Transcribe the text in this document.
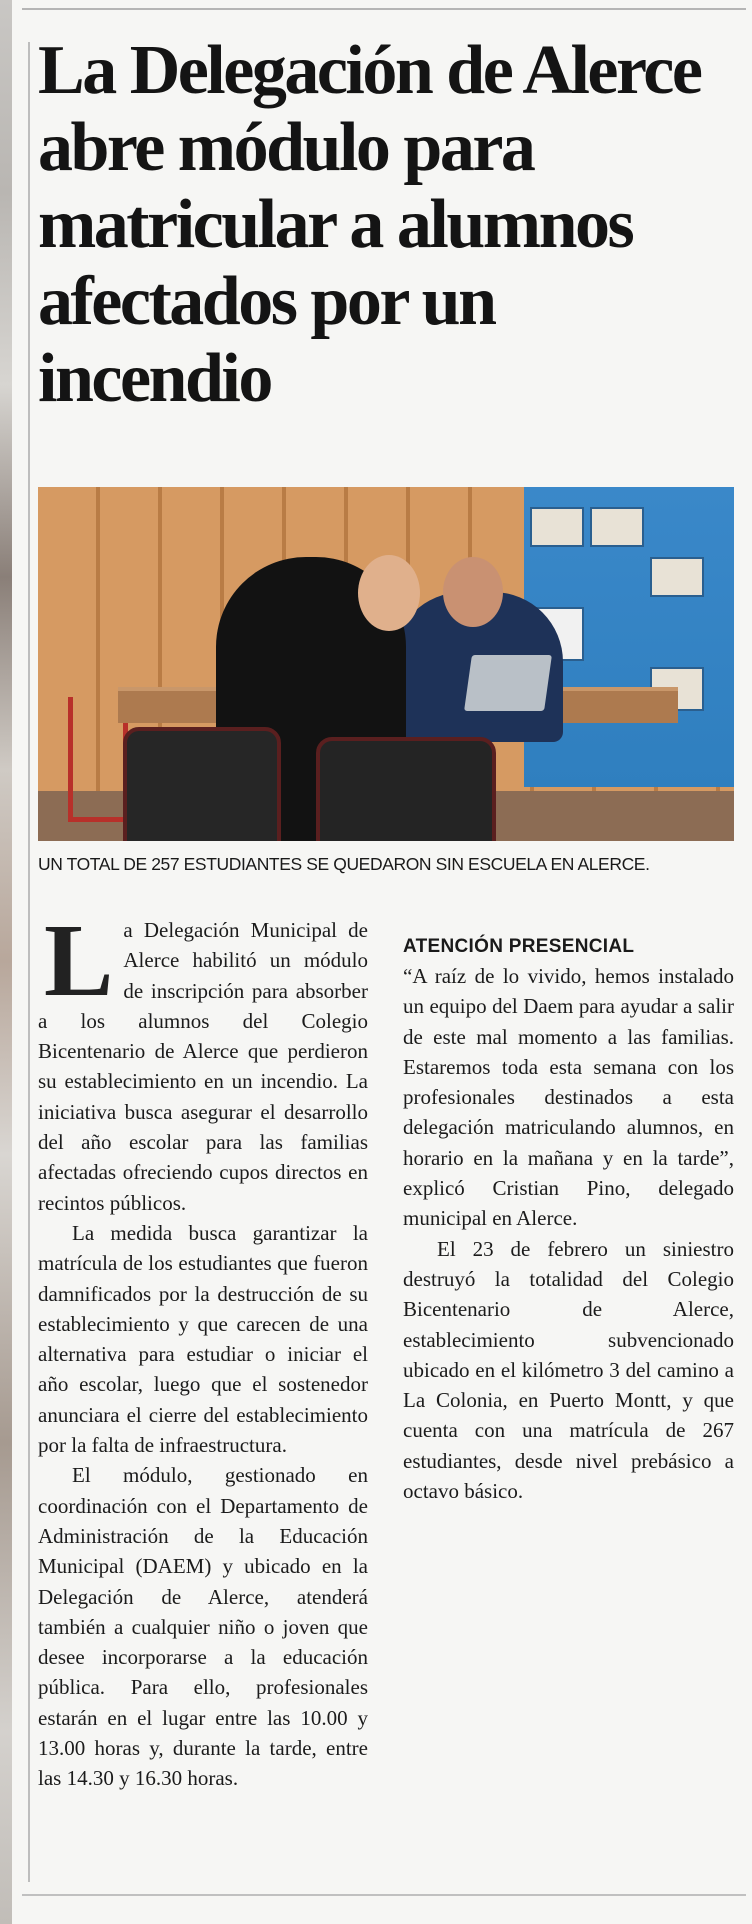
La Delegación de Alerce abre módulo para matricular a alumnos afectados por un incendio

UN TOTAL DE 257 ESTUDIANTES SE QUEDARON SIN ESCUELA EN ALERCE.

La Delegación Municipal de Alerce habilitó un módulo de inscripción para absorber a los alumnos del Colegio Bicentenario de Alerce que perdieron su establecimiento en un incendio. La iniciativa busca asegurar el desarrollo del año escolar para las familias afectadas ofreciendo cupos directos en recintos públicos.

La medida busca garantizar la matrícula de los estudiantes que fueron damnificados por la destrucción de su establecimiento y que carecen de una alternativa para estudiar o iniciar el año escolar, luego que el sostenedor anunciara el cierre del establecimiento por la falta de infraestructura.

El módulo, gestionado en coordinación con el Departamento de Administración de la Educación Municipal (DAEM) y ubicado en la Delegación de Alerce, atenderá también a cualquier niño o joven que desee incorporarse a la educación pública. Para ello, profesionales estarán en el lugar entre las 10.00 y 13.00 horas y, durante la tarde, entre las 14.30 y 16.30 horas.

ATENCIÓN PRESENCIAL

“A raíz de lo vivido, hemos instalado un equipo del Daem para ayudar a salir de este mal momento a las familias. Estaremos toda esta semana con los profesionales destinados a esta delegación matriculando alumnos, en horario en la mañana y en la tarde”, explicó Cristian Pino, delegado municipal en Alerce.

El 23 de febrero un siniestro destruyó la totalidad del Colegio Bicentenario de Alerce, establecimiento subvencionado ubicado en el kilómetro 3 del camino a La Colonia, en Puerto Montt, y que cuenta con una matrícula de 267 estudiantes, desde nivel prebásico a octavo básico.
